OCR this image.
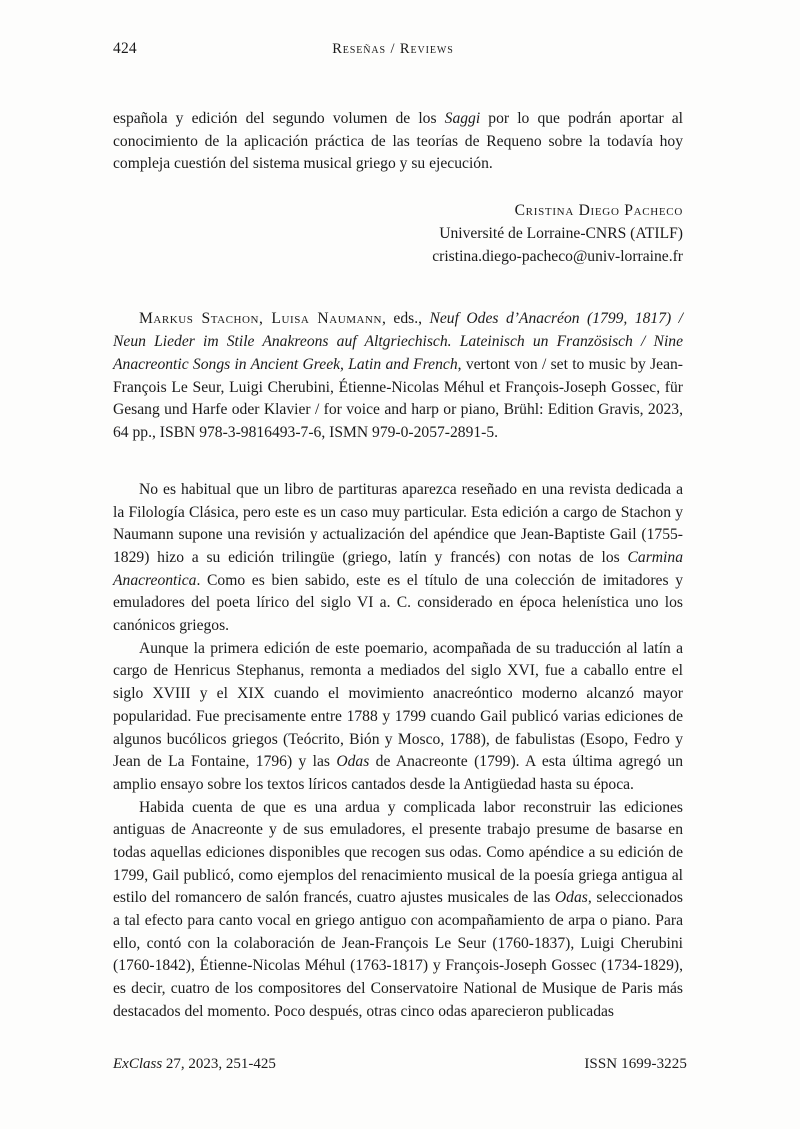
424	Reseñas / Reviews

española y edición del segundo volumen de los Saggi por lo que podrán aportar al conocimiento de la aplicación práctica de las teorías de Requeno sobre la todavía hoy compleja cuestión del sistema musical griego y su ejecución.

Cristina Diego Pacheco
Université de Lorraine-CNRS (ATILF)
cristina.diego-pacheco@univ-lorraine.fr
Markus Stachon, Luisa Naumann, eds., Neuf Odes d’Anacréon (1799, 1817) / Neun Lieder im Stile Anakreons auf Altgriechisch. Lateinisch un Französisch / Nine Anacreontic Songs in Ancient Greek, Latin and French, vertont von / set to music by Jean-François Le Seur, Luigi Cherubini, Étienne-Nicolas Méhul et François-Joseph Gossec, für Gesang und Harfe oder Klavier / for voice and harp or piano, Brühl: Edition Gravis, 2023, 64 pp., ISBN 978-3-9816493-7-6, ISMN 979-0-2057-2891-5.

No es habitual que un libro de partituras aparezca reseñado en una revista dedicada a la Filología Clásica, pero este es un caso muy particular. Esta edición a cargo de Stachon y Naumann supone una revisión y actualización del apéndice que Jean-Baptiste Gail (1755-1829) hizo a su edición trilingüe (griego, latín y francés) con notas de los Carmina Anacreontica. Como es bien sabido, este es el título de una colección de imitadores y emuladores del poeta lírico del siglo VI a. C. considerado en época helenística uno los canónicos griegos.

Aunque la primera edición de este poemario, acompañada de su traducción al latín a cargo de Henricus Stephanus, remonta a mediados del siglo XVI, fue a caballo entre el siglo XVIII y el XIX cuando el movimiento anacreóntico moderno alcanzó mayor popularidad. Fue precisamente entre 1788 y 1799 cuando Gail publicó varias ediciones de algunos bucólicos griegos (Teócrito, Bión y Mosco, 1788), de fabulistas (Esopo, Fedro y Jean de La Fontaine, 1796) y las Odas de Anacreonte (1799). A esta última agregó un amplio ensayo sobre los textos líricos cantados desde la Antigüedad hasta su época.

Habida cuenta de que es una ardua y complicada labor reconstruir las ediciones antiguas de Anacreonte y de sus emuladores, el presente trabajo presume de basarse en todas aquellas ediciones disponibles que recogen sus odas. Como apéndice a su edición de 1799, Gail publicó, como ejemplos del renacimiento musical de la poesía griega antigua al estilo del romancero de salón francés, cuatro ajustes musicales de las Odas, seleccionados a tal efecto para canto vocal en griego antiguo con acompañamiento de arpa o piano. Para ello, contó con la colaboración de Jean-François Le Seur (1760-1837), Luigi Cherubini (1760-1842), Étienne-Nicolas Méhul (1763-1817) y François-Joseph Gossec (1734-1829), es decir, cuatro de los compositores del Conservatoire National de Musique de Paris más destacados del momento. Poco después, otras cinco odas aparecieron publicadas

ExClass 27, 2023, 251-425	ISSN 1699-3225
